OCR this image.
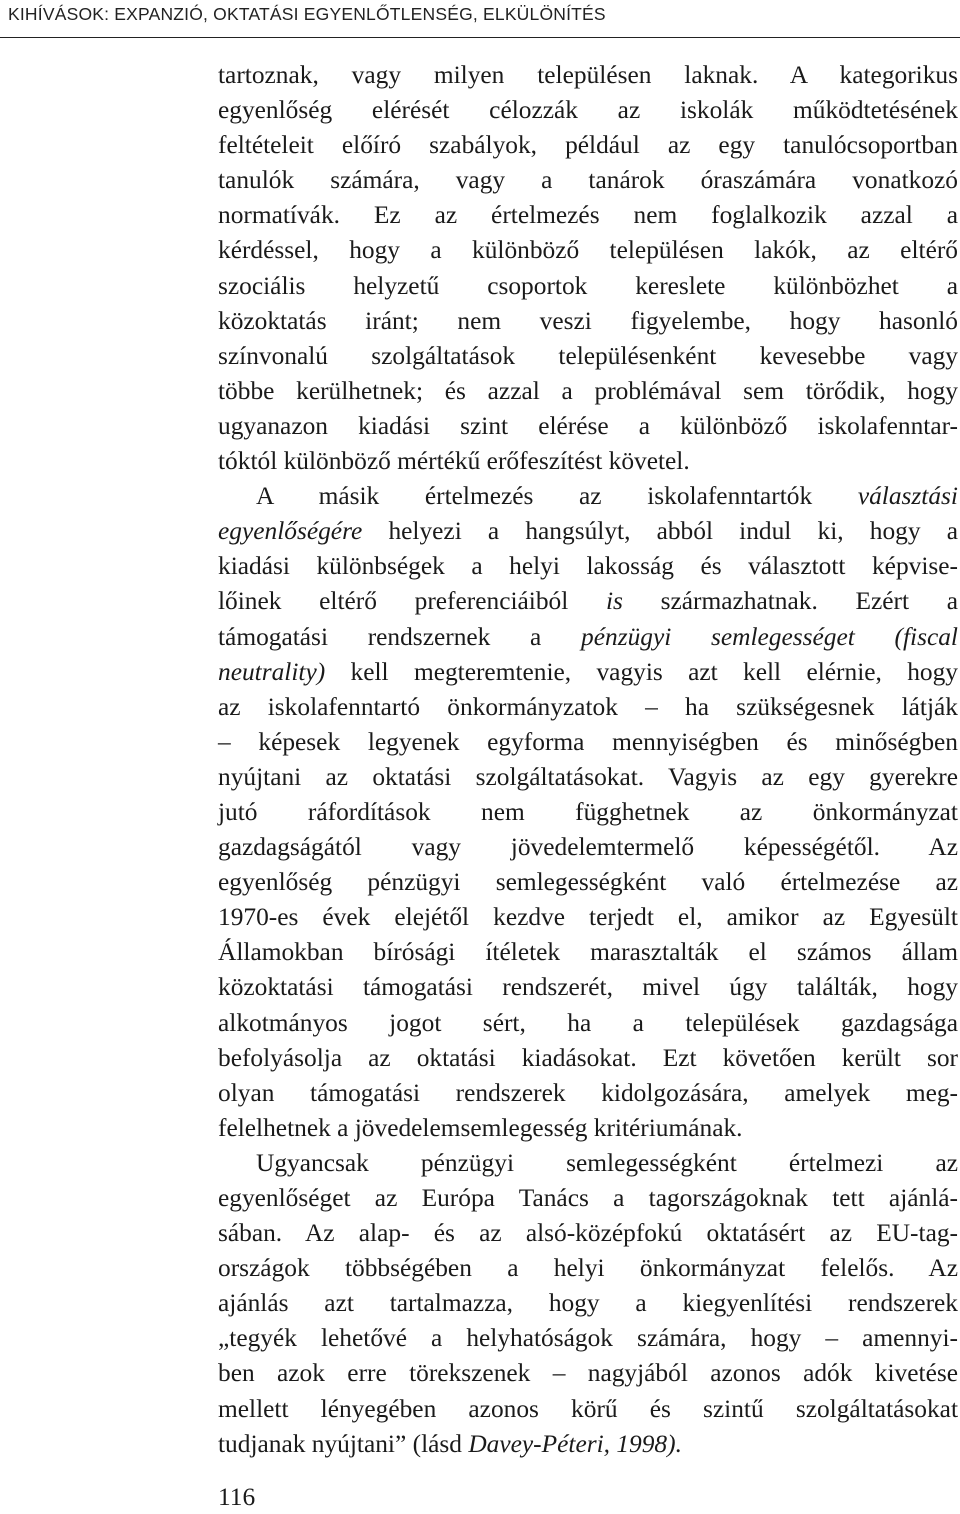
KIHÍVÁSOK: EXPANZIÓ, OKTATÁSI EGYENLŐTLENSÉG, ELKÜLÖNÍTÉS
tartoznak, vagy milyen településen laknak. A kategorikus
egyenlőség elérését célozzák az iskolák működtetésének
feltételeit előíró szabályok, például az egy tanulócsoportban
tanulók számára, vagy a tanárok óraszámára vonatkozó
normatívák. Ez az értelmezés nem foglalkozik azzal a
kérdéssel, hogy a különböző településen lakók, az eltérő
szociális helyzetű csoportok kereslete különbözhet a
közoktatás iránt; nem veszi figyelembe, hogy hasonló
színvonalú szolgáltatások településenként kevesebbe vagy
többe kerülhetnek; és azzal a problémával sem törődik, hogy
ugyanazon kiadási szint elérése a különböző iskolafenntar-
tóktól különböző mértékű erőfeszítést követel.
A másik értelmezés az iskolafenntartók választási
egyenlőségére helyezi a hangsúlyt, abból indul ki, hogy a
kiadási különbségek a helyi lakosság és választott képvise-
lőinek eltérő preferenciáiból is származhatnak. Ezért a
támogatási rendszernek a pénzügyi semlegességet (fiscal
neutrality) kell megteremtenie, vagyis azt kell elérnie, hogy
az iskolafenntartó önkormányzatok – ha szükségesnek látják
– képesek legyenek egyforma mennyiségben és minőségben
nyújtani az oktatási szolgáltatásokat. Vagyis az egy gyerekre
jutó ráfordítások nem függhetnek az önkormányzat
gazdagságától vagy jövedelemtermelő képességétől. Az
egyenlőség pénzügyi semlegességként való értelmezése az
1970-es évek elejétől kezdve terjedt el, amikor az Egyesült
Államokban bírósági ítéletek marasztalták el számos állam
közoktatási támogatási rendszerét, mivel úgy találták, hogy
alkotmányos jogot sért, ha a települések gazdagsága
befolyásolja az oktatási kiadásokat. Ezt követően került sor
olyan támogatási rendszerek kidolgozására, amelyek meg-
felelhetnek a jövedelemsemlegesség kritériumának.
Ugyancsak pénzügyi semlegességként értelmezi az
egyenlőséget az Európa Tanács a tagországoknak tett ajánlá-
sában. Az alap- és az alsó-középfokú oktatásért az EU-tag-
országok többségében a helyi önkormányzat felelős. Az
ajánlás azt tartalmazza, hogy a kiegyenlítési rendszerek
„tegyék lehetővé a helyhatóságok számára, hogy – amennyi-
ben azok erre törekszenek – nagyjából azonos adók kivetése
mellett lényegében azonos körű és szintű szolgáltatásokat
tudjanak nyújtani” (lásd Davey-Péteri, 1998).
116
